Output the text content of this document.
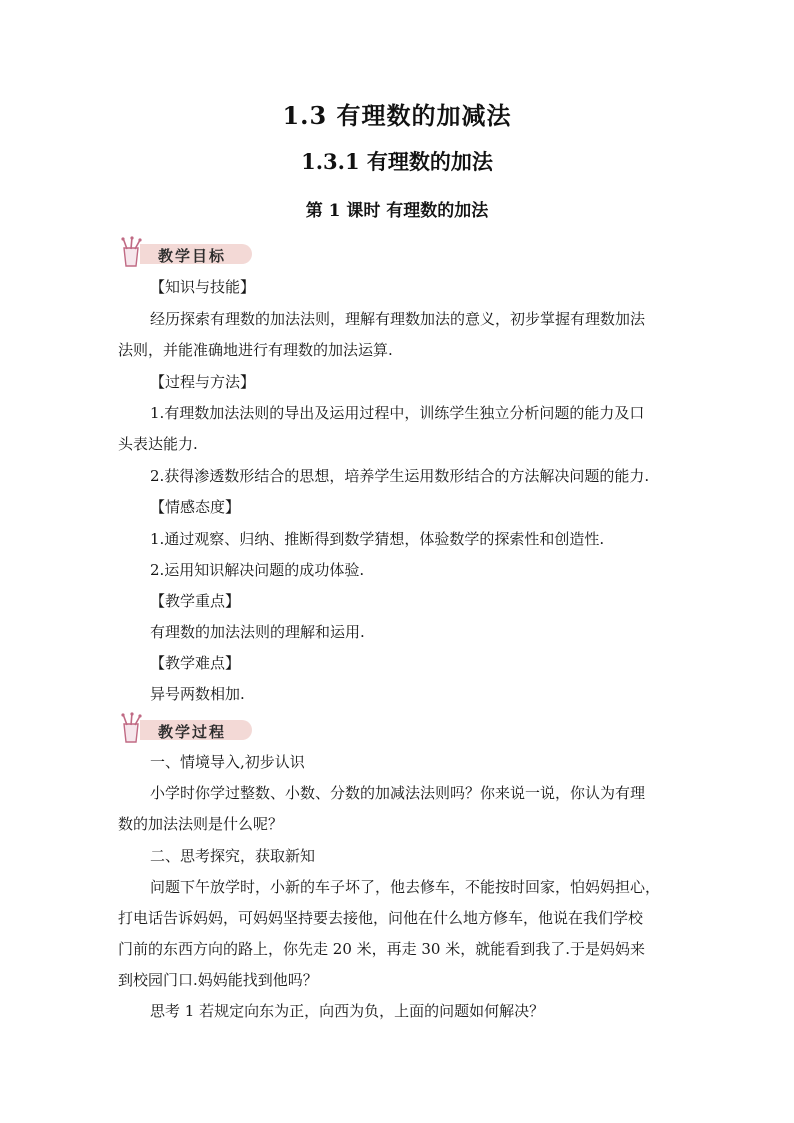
1.3 有理数的加减法
1.3.1 有理数的加法
第 1 课时 有理数的加法
教学目标
【知识与技能】
经历探索有理数的加法法则，理解有理数加法的意义，初步掌握有理数加法
法则，并能准确地进行有理数的加法运算.
【过程与方法】
1.有理数加法法则的导出及运用过程中，训练学生独立分析问题的能力及口
头表达能力.
2.获得渗透数形结合的思想，培养学生运用数形结合的方法解决问题的能力.
【情感态度】
1.通过观察、归纳、推断得到数学猜想，体验数学的探索性和创造性.
2.运用知识解决问题的成功体验.
【教学重点】
有理数的加法法则的理解和运用.
【教学难点】
异号两数相加.
教学过程
一、情境导入,初步认识
小学时你学过整数、小数、分数的加减法法则吗？你来说一说，你认为有理
数的加法法则是什么呢？
二、思考探究，获取新知
问题下午放学时，小新的车子坏了，他去修车，不能按时回家，怕妈妈担心，
打电话告诉妈妈，可妈妈坚持要去接他，问他在什么地方修车，他说在我们学校
门前的东西方向的路上，你先走 20 米，再走 30 米，就能看到我了.于是妈妈来
到校园门口.妈妈能找到他吗？
思考 1 若规定向东为正，向西为负，上面的问题如何解决？
